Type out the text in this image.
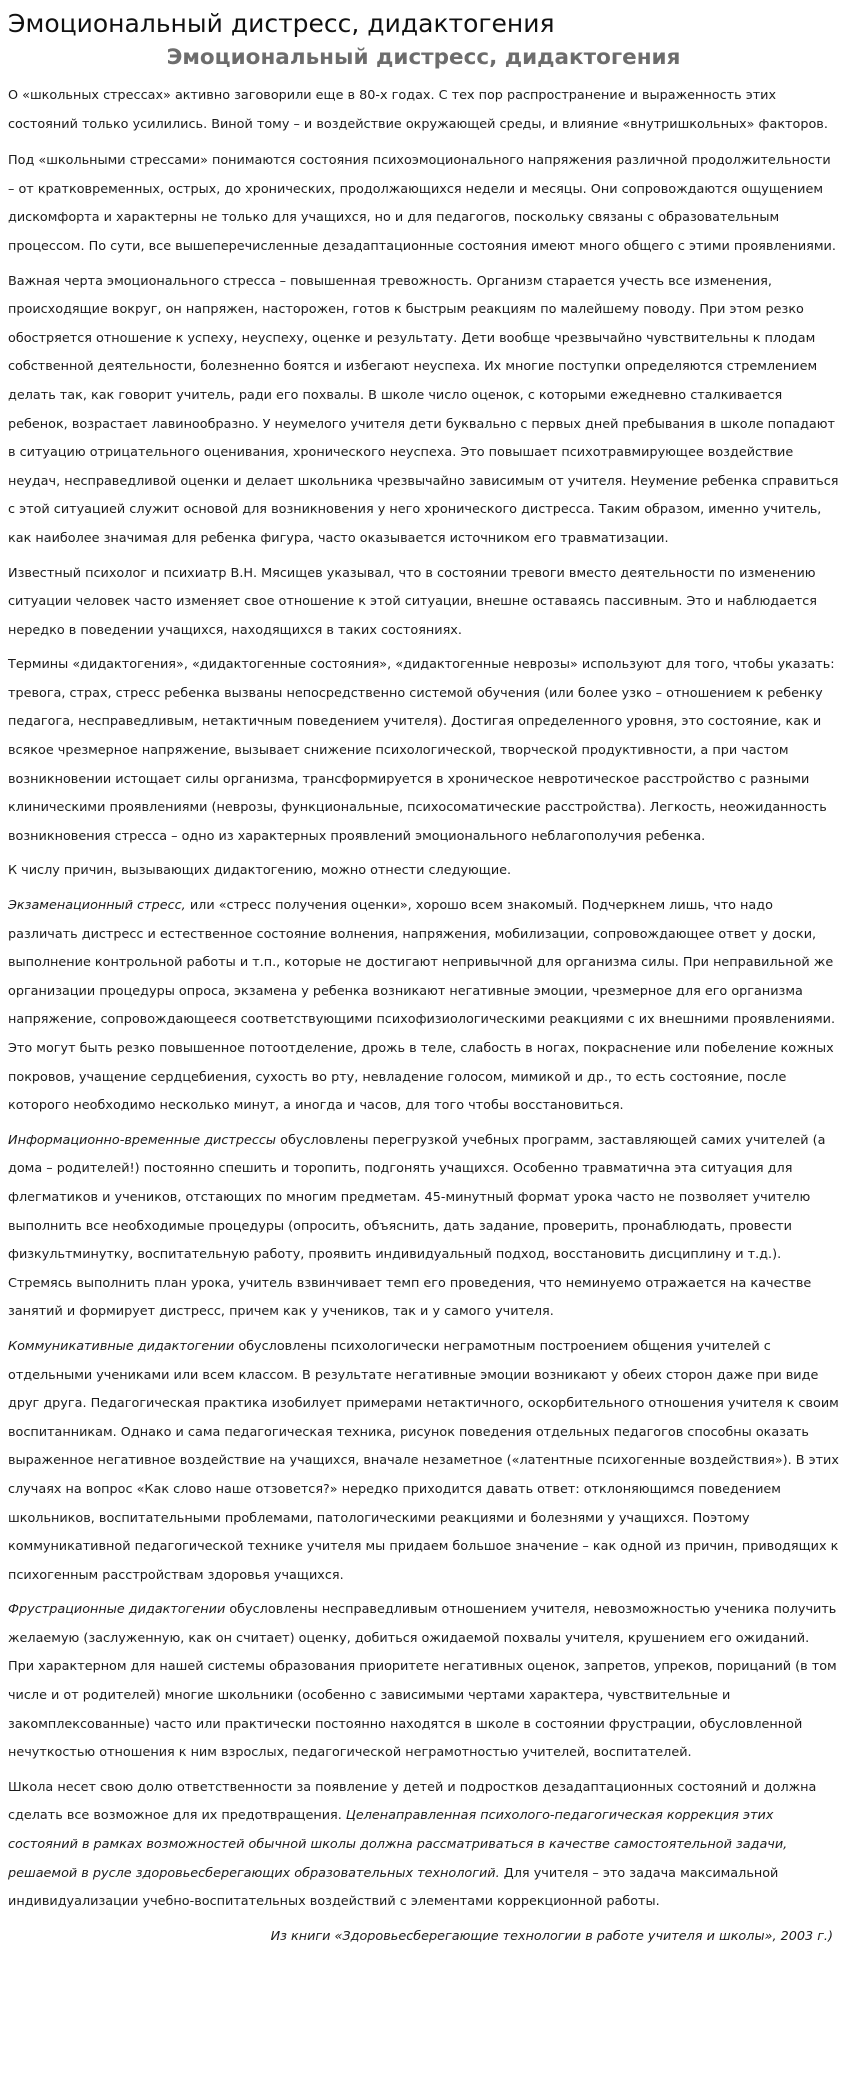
Эмоциональный дистресс, дидактогения
Эмоциональный дистресс, дидактогения

О «школьных стрессах» активно заговорили еще в 80-х годах. С тех пор распространение и выраженность этих состояний только усилились. Виной тому – и воздействие окружающей среды, и влияние «внутришкольных» факторов.

Под «школьными стрессами» понимаются состояния психоэмоционального напряжения различной продолжительности – от кратковременных, острых, до хронических, продолжающихся недели и месяцы. Они сопровождаются ощущением дискомфорта и характерны не только для учащихся, но и для педагогов, поскольку связаны с образовательным процессом. По сути, все вышеперечисленные дезадаптационные состояния имеют много общего с этими проявлениями.

Важная черта эмоционального стресса – повышенная тревожность. Организм старается учесть все изменения, происходящие вокруг, он напряжен, насторожен, готов к быстрым реакциям по малейшему поводу. При этом резко обостряется отношение к успеху, неуспеху, оценке и результату. Дети вообще чрезвычайно чувствительны к плодам собственной деятельности, болезненно боятся и избегают неуспеха. Их многие поступки определяются стремлением делать так, как говорит учитель, ради его похвалы. В школе число оценок, с которыми ежедневно сталкивается ребенок, возрастает лавинообразно. У неумелого учителя дети буквально с первых дней пребывания в школе попадают в ситуацию отрицательного оценивания, хронического неуспеха. Это повышает психотравмирующее воздействие неудач, несправедливой оценки и делает школьника чрезвычайно зависимым от учителя. Неумение ребенка справиться с этой ситуацией служит основой для возникновения у него хронического дистресса. Таким образом, именно учитель, как наиболее значимая для ребенка фигура, часто оказывается источником его травматизации.

Известный психолог и психиатр В.Н. Мясищев указывал, что в состоянии тревоги вместо деятельности по изменению ситуации человек часто изменяет свое отношение к этой ситуации, внешне оставаясь пассивным. Это и наблюдается нередко в поведении учащихся, находящихся в таких состояниях.

Термины «дидактогения», «дидактогенные состояния», «дидактогенные неврозы» используют для того, чтобы указать: тревога, страх, стресс ребенка вызваны непосредственно системой обучения (или более узко – отношением к ребенку педагога, несправедливым, нетактичным поведением учителя). Достигая определенного уровня, это состояние, как и всякое чрезмерное напряжение, вызывает снижение психологической, творческой продуктивности, а при частом возникновении истощает силы организма, трансформируется в хроническое невротическое расстройство с разными клиническими проявлениями (неврозы, функциональные, психосоматические расстройства). Легкость, неожиданность возникновения стресса – одно из характерных проявлений эмоционального неблагополучия ребенка.

К числу причин, вызывающих дидактогению, можно отнести следующие.

Экзаменационный стресс, или «стресс получения оценки», хорошо всем знакомый. Подчеркнем лишь, что надо различать дистресс и естественное состояние волнения, напряжения, мобилизации, сопровождающее ответ у доски, выполнение контрольной работы и т.п., которые не достигают непривычной для организма силы. При неправильной же организации процедуры опроса, экзамена у ребенка возникают негативные эмоции, чрезмерное для его организма напряжение, сопровождающееся соответствующими психофизиологическими реакциями с их внешними проявлениями. Это могут быть резко повышенное потоотделение, дрожь в теле, слабость в ногах, покраснение или побеление кожных покровов, учащение сердцебиения, сухость во рту, невладение голосом, мимикой и др., то есть состояние, после которого необходимо несколько минут, а иногда и часов, для того чтобы восстановиться.

Информационно-временные дистрессы обусловлены перегрузкой учебных программ, заставляющей самих учителей (а дома – родителей!) постоянно спешить и торопить, подгонять учащихся. Особенно травматична эта ситуация для флегматиков и учеников, отстающих по многим предметам. 45-минутный формат урока часто не позволяет учителю выполнить все необходимые процедуры (опросить, объяснить, дать задание, проверить, пронаблюдать, провести физкультминутку, воспитательную работу, проявить индивидуальный подход, восстановить дисциплину и т.д.). Стремясь выполнить план урока, учитель взвинчивает темп его проведения, что неминуемо отражается на качестве занятий и формирует дистресс, причем как у учеников, так и у самого учителя.

Коммуникативные дидактогении обусловлены психологически неграмотным построением общения учителей с отдельными учениками или всем классом. В результате негативные эмоции возникают у обеих сторон даже при виде друг друга. Педагогическая практика изобилует примерами нетактичного, оскорбительного отношения учителя к своим воспитанникам. Однако и сама педагогическая техника, рисунок поведения отдельных педагогов способны оказать выраженное негативное воздействие на учащихся, вначале незаметное («латентные психогенные воздействия»). В этих случаях на вопрос «Как слово наше отзовется?» нередко приходится давать ответ: отклоняющимся поведением школьников, воспитательными проблемами, патологическими реакциями и болезнями у учащихся. Поэтому коммуникативной педагогической технике учителя мы придаем большое значение – как одной из причин, приводящих к психогенным расстройствам здоровья учащихся.

Фрустрационные дидактогении обусловлены несправедливым отношением учителя, невозможностью ученика получить желаемую (заслуженную, как он считает) оценку, добиться ожидаемой похвалы учителя, крушением его ожиданий. При характерном для нашей системы образования приоритете негативных оценок, запретов, упреков, порицаний (в том числе и от родителей) многие школьники (особенно с зависимыми чертами характера, чувствительные и закомплексованные) часто или практически постоянно находятся в школе в состоянии фрустрации, обусловленной нечуткостью отношения к ним взрослых, педагогической неграмотностью учителей, воспитателей.

Школа несет свою долю ответственности за появление у детей и подростков дезадаптационных состояний и должна сделать все возможное для их предотвращения. Целенаправленная психолого-педагогическая коррекция этих состояний в рамках возможностей обычной школы должна рассматриваться в качестве самостоятельной задачи, решаемой в русле здоровьесберегающих образовательных технологий. Для учителя – это задача максимальной индивидуализации учебно-воспитательных воздействий с элементами коррекционной работы.

Из книги «Здоровьесберегающие технологии в работе учителя и школы», 2003 г.)
